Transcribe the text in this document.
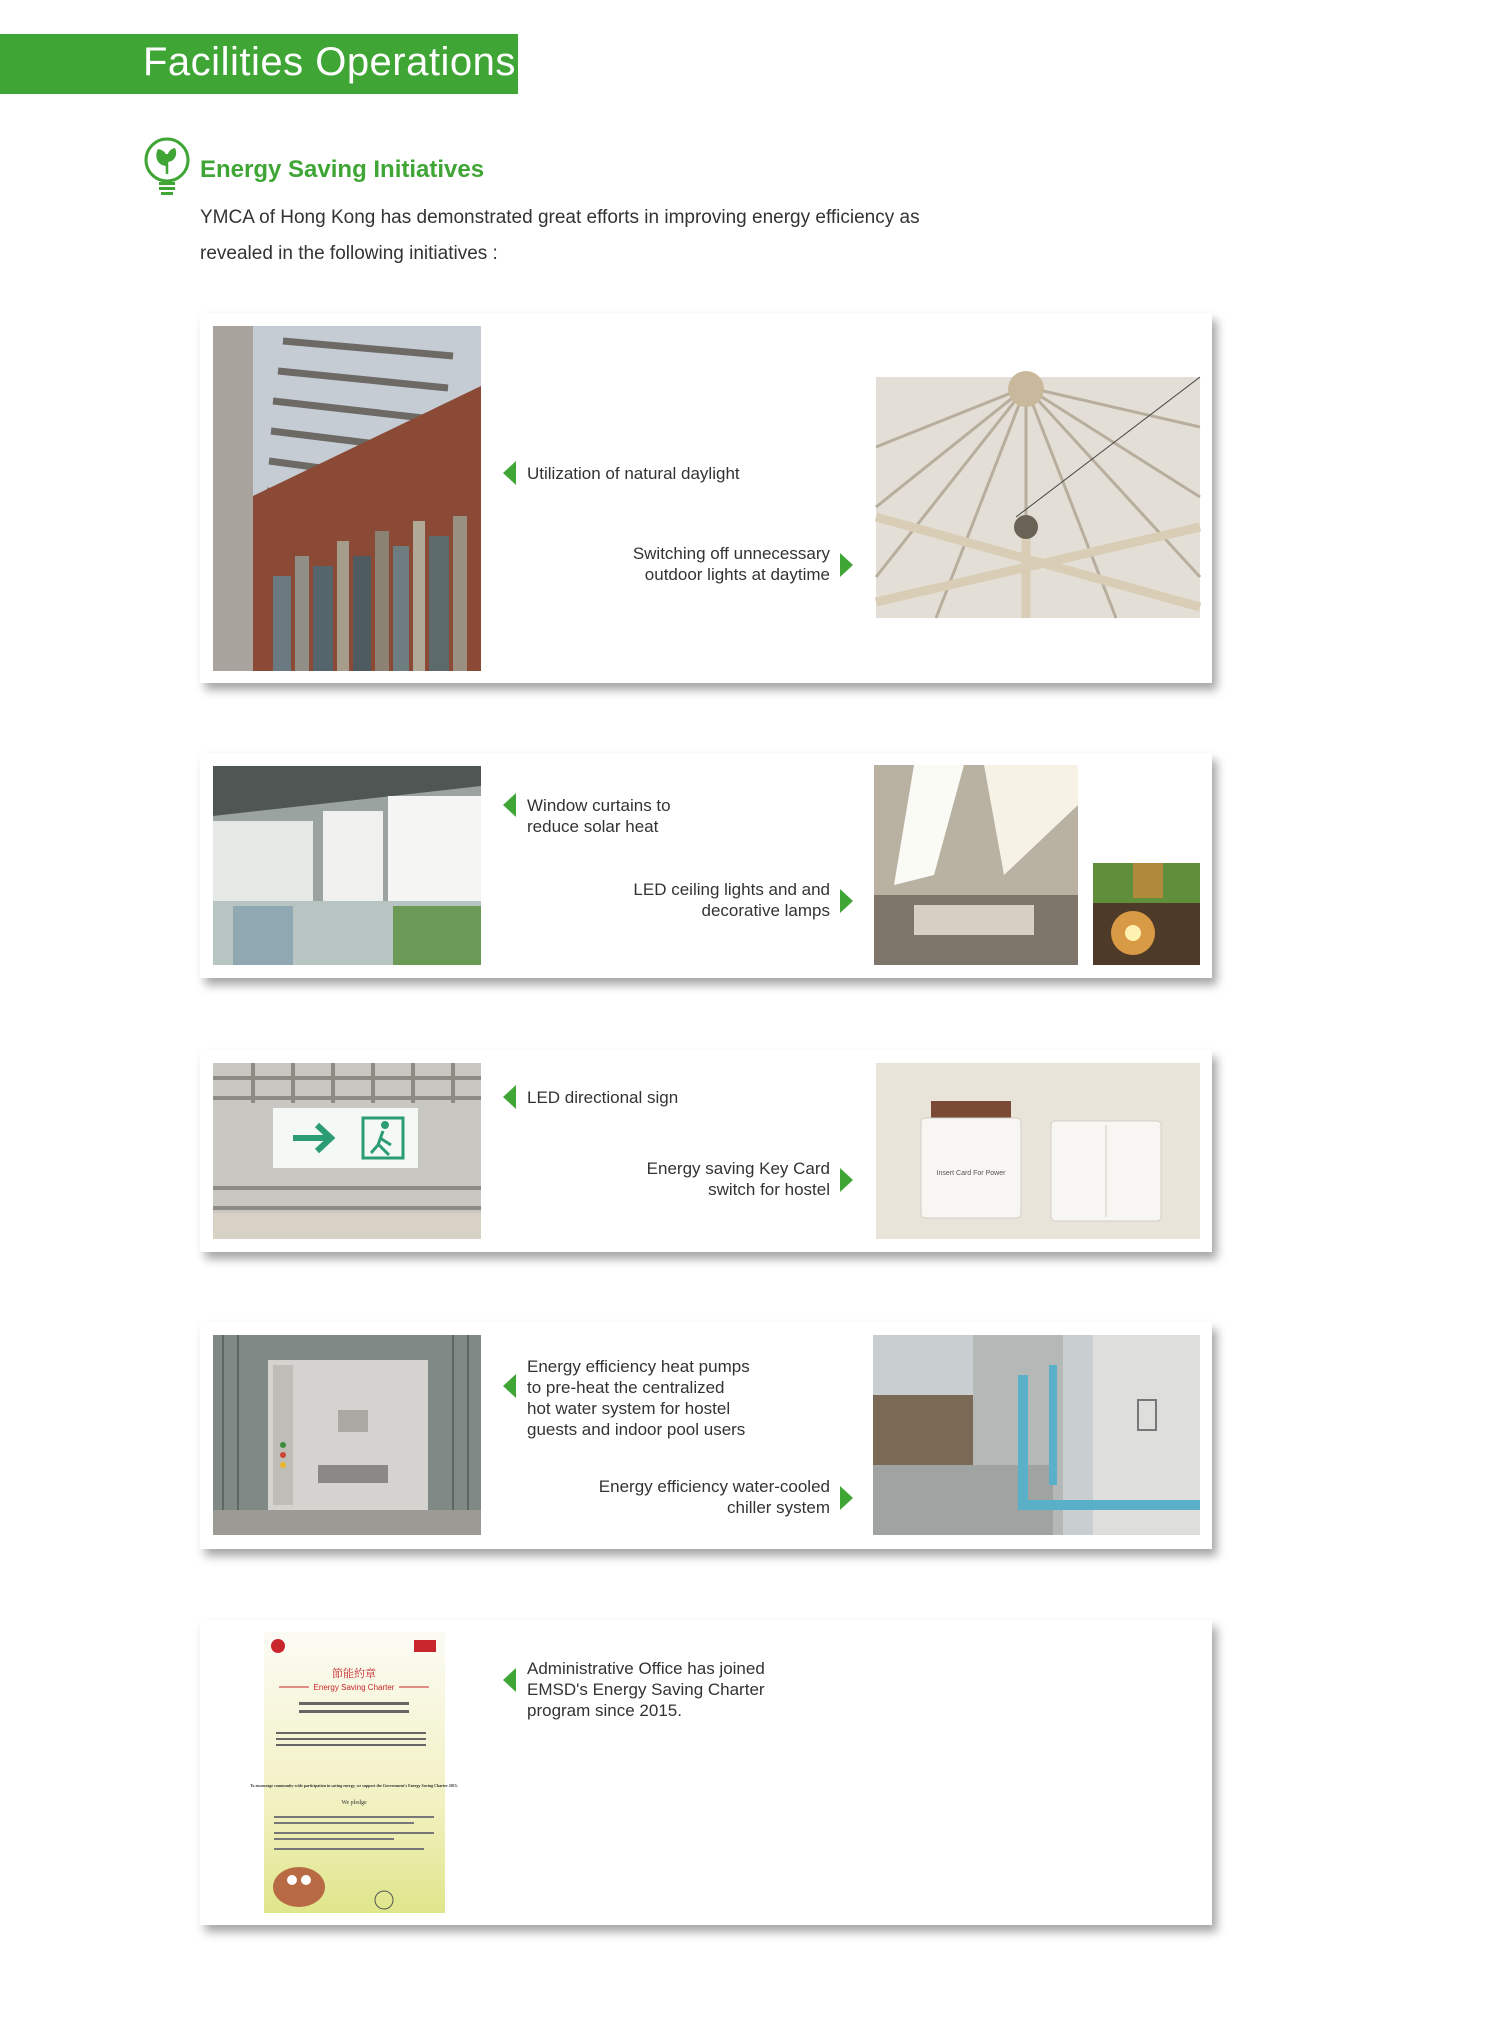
Facilities Operations
Energy Saving Initiatives
YMCA of Hong Kong has demonstrated great efforts in improving energy efficiency as
revealed in the following initiatives :
Utilization of natural daylight
Switching off unnecessary
outdoor lights at daytime
Window curtains to
reduce solar heat
LED ceiling lights and and
decorative lamps
LED directional sign
Energy saving Key Card
switch for hostel
Insert Card For Power
Energy efficiency heat pumps
to pre-heat the centralized
hot water system for hostel
guests and indoor pool users
Energy efficiency water-cooled
chiller system
節能約章
Energy Saving Charter
To encourage community-wide participation in saving energy, we support the Government's Energy Saving Charter 2015.
We pledge
Administrative Office has joined
EMSD's Energy Saving Charter
program since 2015.
